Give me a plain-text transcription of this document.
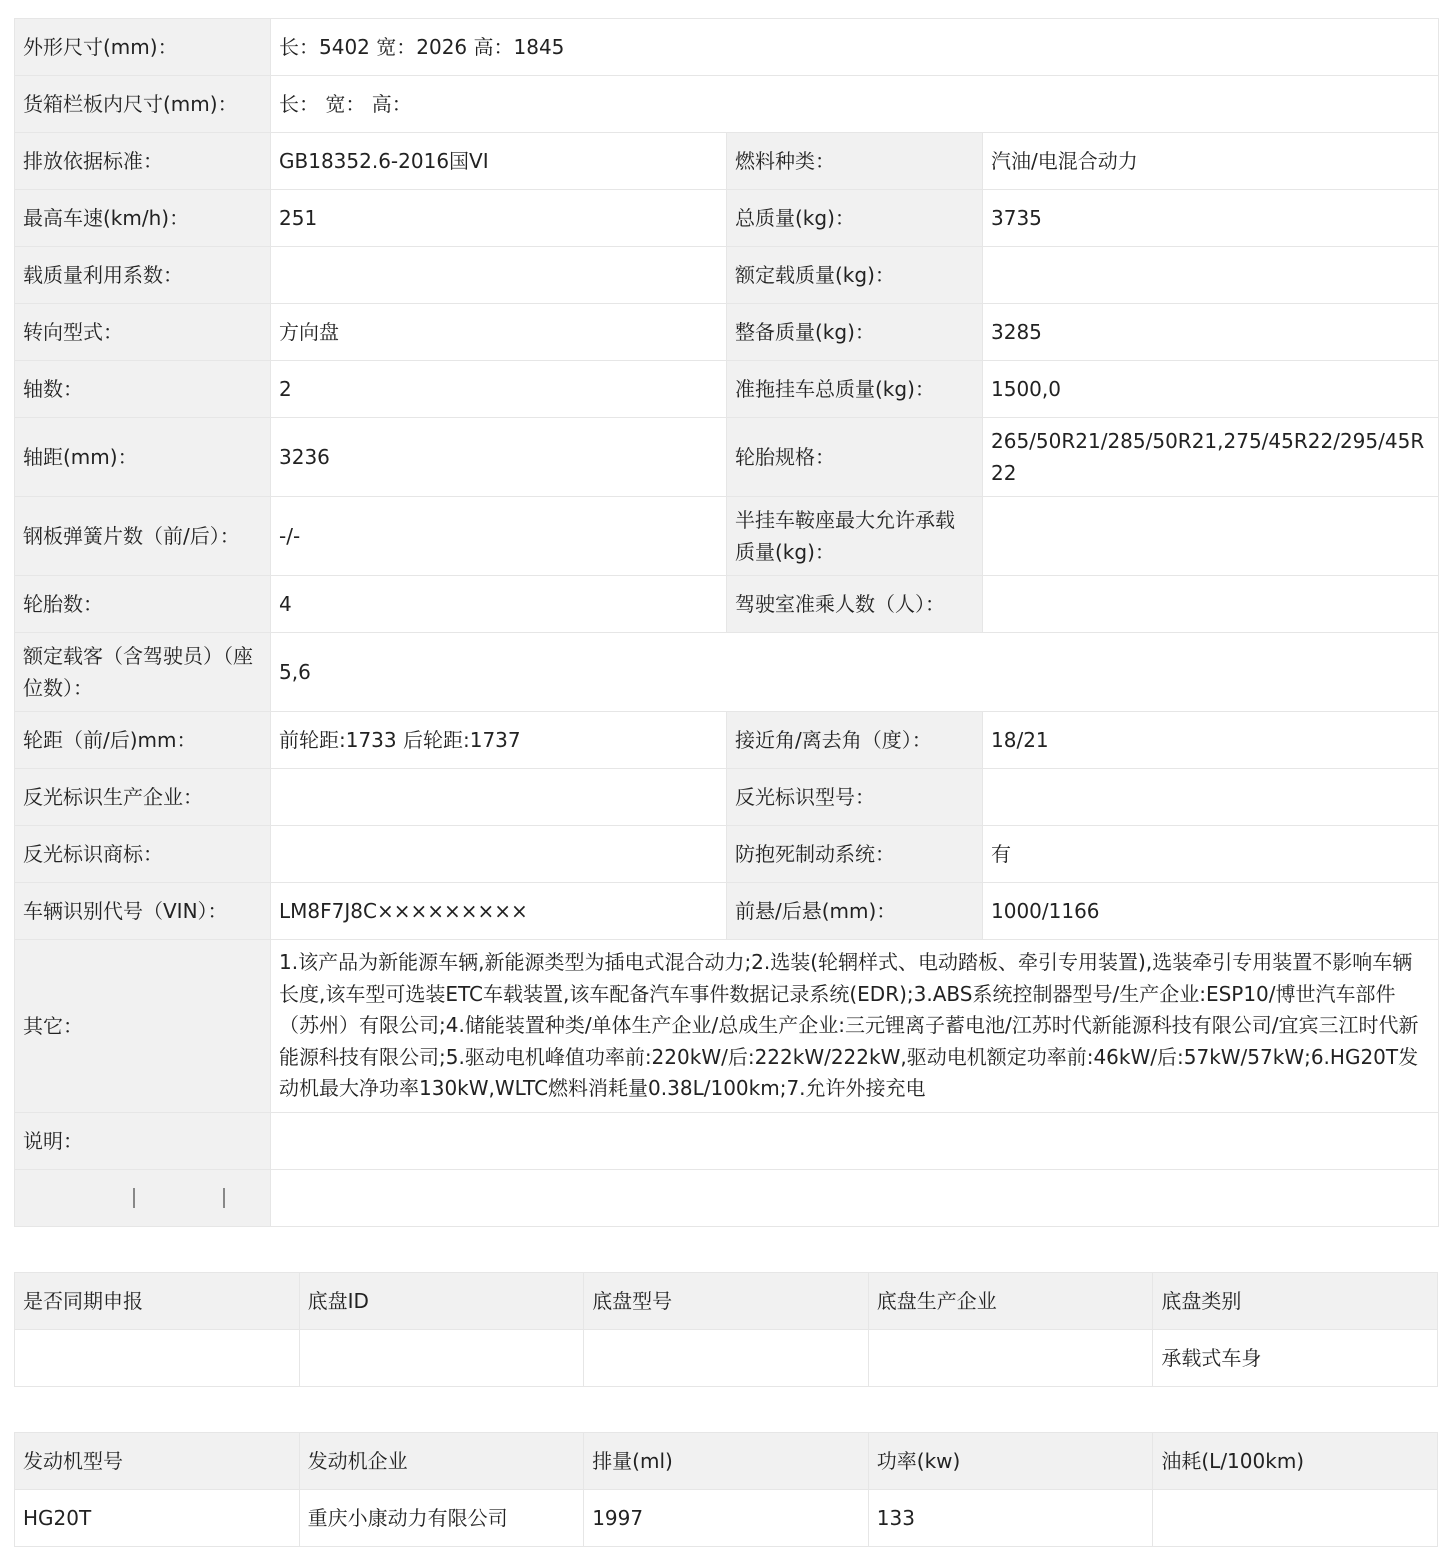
外形尺寸(mm)：	长：5402 宽：2026 高：1845		
货箱栏板内尺寸(mm)：	长： 宽： 高：		
排放依据标准：	GB18352.6-2016国VI	燃料种类：	汽油/电混合动力
最高车速(km/h)：	251	总质量(kg)：	3735
载质量利用系数：		额定载质量(kg)：	
转向型式：	方向盘	整备质量(kg)：	3285
轴数：	2	准拖挂车总质量(kg)：	1500,0
轴距(mm)：	3236	轮胎规格：	265/50R21/285/50R21,275/45R22/295/45R22
钢板弹簧片数（前/后）：	-/-	半挂车鞍座最大允许承载质量(kg)：	
轮胎数：	4	驾驶室准乘人数（人）：	
额定载客（含驾驶员）（座位数）：	5,6		
轮距（前/后)mm：	前轮距:1733 后轮距:1737	接近角/离去角（度）：	18/21
反光标识生产企业：		反光标识型号：	
反光标识商标：		防抱死制动系统：	有
车辆识别代号（VIN）：	LM8F7J8C×××××××××	前悬/后悬(mm)：	1000/1166
其它：	1.该产品为新能源车辆,新能源类型为插电式混合动力;2.选装(轮辋样式、电动踏板、牵引专用装置),选装牵引专用装置不影响车辆长度,该车型可选装ETC车载装置,该车配备汽车事件数据记录系统(EDR);3.ABS系统控制器型号/生产企业:ESP10/博世汽车部件（苏州）有限公司;4.储能装置种类/单体生产企业/总成生产企业:三元锂离子蓄电池/江苏时代新能源科技有限公司/宜宾三江时代新能源科技有限公司;5.驱动电机峰值功率前:220kW/后:222kW/222kW,驱动电机额定功率前:46kW/后:57kW/57kW;6.HG20T发动机最大净功率130kW,WLTC燃料消耗量0.38L/100km;7.允许外接充电		
说明：			

是否同期申报	底盘ID	底盘型号	底盘生产企业	底盘类别
				承载式车身
发动机型号	发动机企业	排量(ml)	功率(kw)	油耗(L/100km)
HG20T	重庆小康动力有限公司	1997	133	
